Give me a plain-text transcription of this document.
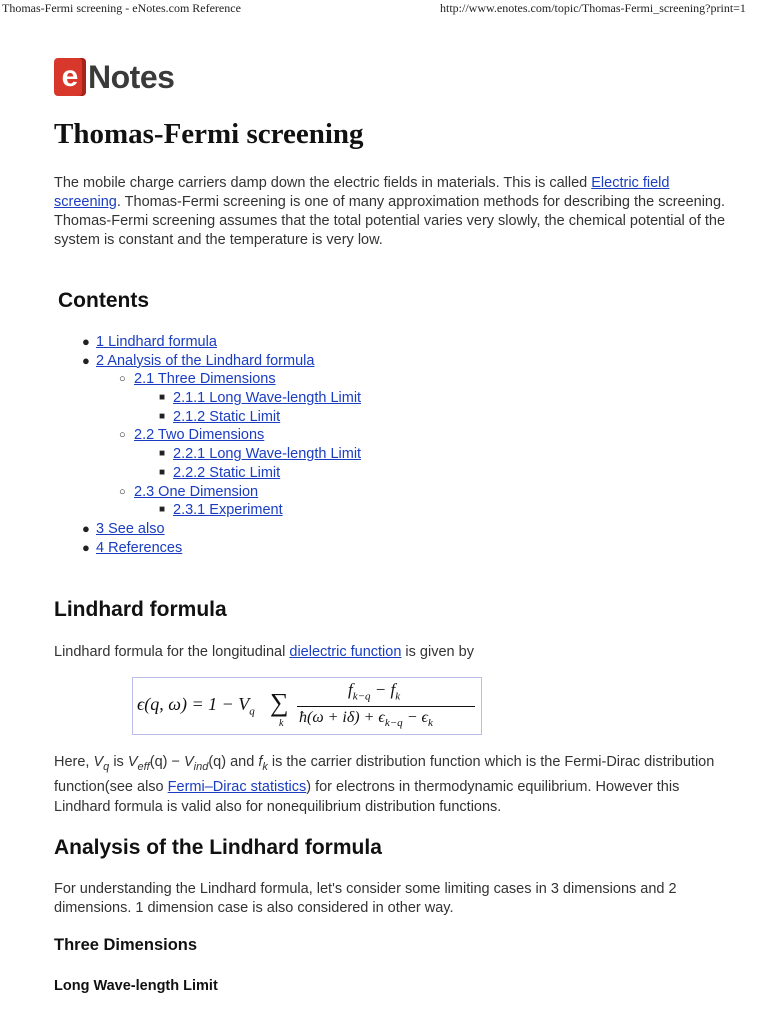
Thomas-Fermi screening - eNotes.com Reference	http://www.enotes.com/topic/Thomas-Fermi_screening?print=1
e Notes
Thomas-Fermi screening

The mobile charge carriers damp down the electric fields in materials. This is called Electric field screening. Thomas-Fermi screening is one of many approximation methods for describing the screening. Thomas-Fermi screening assumes that the total potential varies very slowly, the chemical potential of the system is constant and the temperature is very low.

Contents
● 1 Lindhard formula
● 2 Analysis of the Lindhard formula
○ 2.1 Three Dimensions
■ 2.1.1 Long Wave-length Limit
■ 2.1.2 Static Limit
○ 2.2 Two Dimensions
■ 2.2.1 Long Wave-length Limit
■ 2.2.2 Static Limit
○ 2.3 One Dimension
■ 2.3.1 Experiment
● 3 See also
● 4 References
Lindhard formula

Lindhard formula for the longitudinal dielectric function is given by

ϵ(q, $\omega) = 1 - V_q$ ∑
k
$f_{k-q} - f_k$
ħ(ω + $i\delta) + \epsilon_{k-q} - \epsilon_k$

Here, $V_q$ is $V_{eff}(q) - V_{ind}(q)$ and $f_k$ is the carrier distribution function which is the Fermi-Dirac distribution function(see also Fermi–Dirac statistics) for electrons in thermodynamic equilibrium. However this Lindhard formula is valid also for nonequilibrium distribution functions.

Analysis of the Lindhard formula

For understanding the Lindhard formula, let's consider some limiting cases in 3 dimensions and 2 dimensions. 1 dimension case is also considered in other way.

Three Dimensions
Long Wave-length Limit
